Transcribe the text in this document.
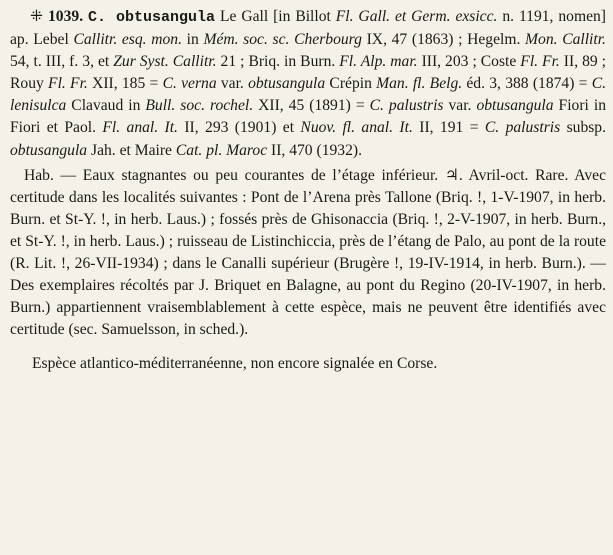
⁜ 1039. C. obtusangula Le Gall [in Billot Fl. Gall. et Germ. exsicc. n. 1191, nomen] ap. Lebel Callitr. esq. mon. in Mém. soc. sc. Cherbourg IX, 47 (1863) ; Hegelm. Mon. Callitr. 54, t. III, f. 3, et Zur Syst. Callitr. 21 ; Briq. in Burn. Fl. Alp. mar. III, 203 ; Coste Fl. Fr. II, 89 ; Rouy Fl. Fr. XII, 185 = C. verna var. obtusangula Crépin Man. fl. Belg. éd. 3, 388 (1874) = C. lenisulca Clavaud in Bull. soc. rochel. XII, 45 (1891) = C. palustris var. obtusangula Fiori in Fiori et Paol. Fl. anal. It. II, 293 (1901) et Nuov. fl. anal. It. II, 191 = C. palustris subsp. obtusangula Jah. et Maire Cat. pl. Maroc II, 470 (1932).

Hab. — Eaux stagnantes ou peu courantes de l’étage inférieur. ♃. Avril-oct. Rare. Avec certitude dans les localités suivantes : Pont de l’Arena près Tallone (Briq. !, 1-V-1907, in herb. Burn. et St-Y. !, in herb. Laus.) ; fossés près de Ghisonaccia (Briq. !, 2-V-1907, in herb. Burn., et St-Y. !, in herb. Laus.) ; ruisseau de Listinchiccia, près de l’étang de Palo, au pont de la route (R. Lit. !, 26-VII-1934) ; dans le Canalli supérieur (Brugère !, 19-IV-1914, in herb. Burn.). — Des exemplaires récoltés par J. Briquet en Balagne, au pont du Regino (20-IV-1907, in herb. Burn.) appartiennent vraisemblablement à cette espèce, mais ne peuvent être identifiés avec certitude (sec. Samuelsson, in sched.).

Espèce atlantico-méditerranéenne, non encore signalée en Corse.
